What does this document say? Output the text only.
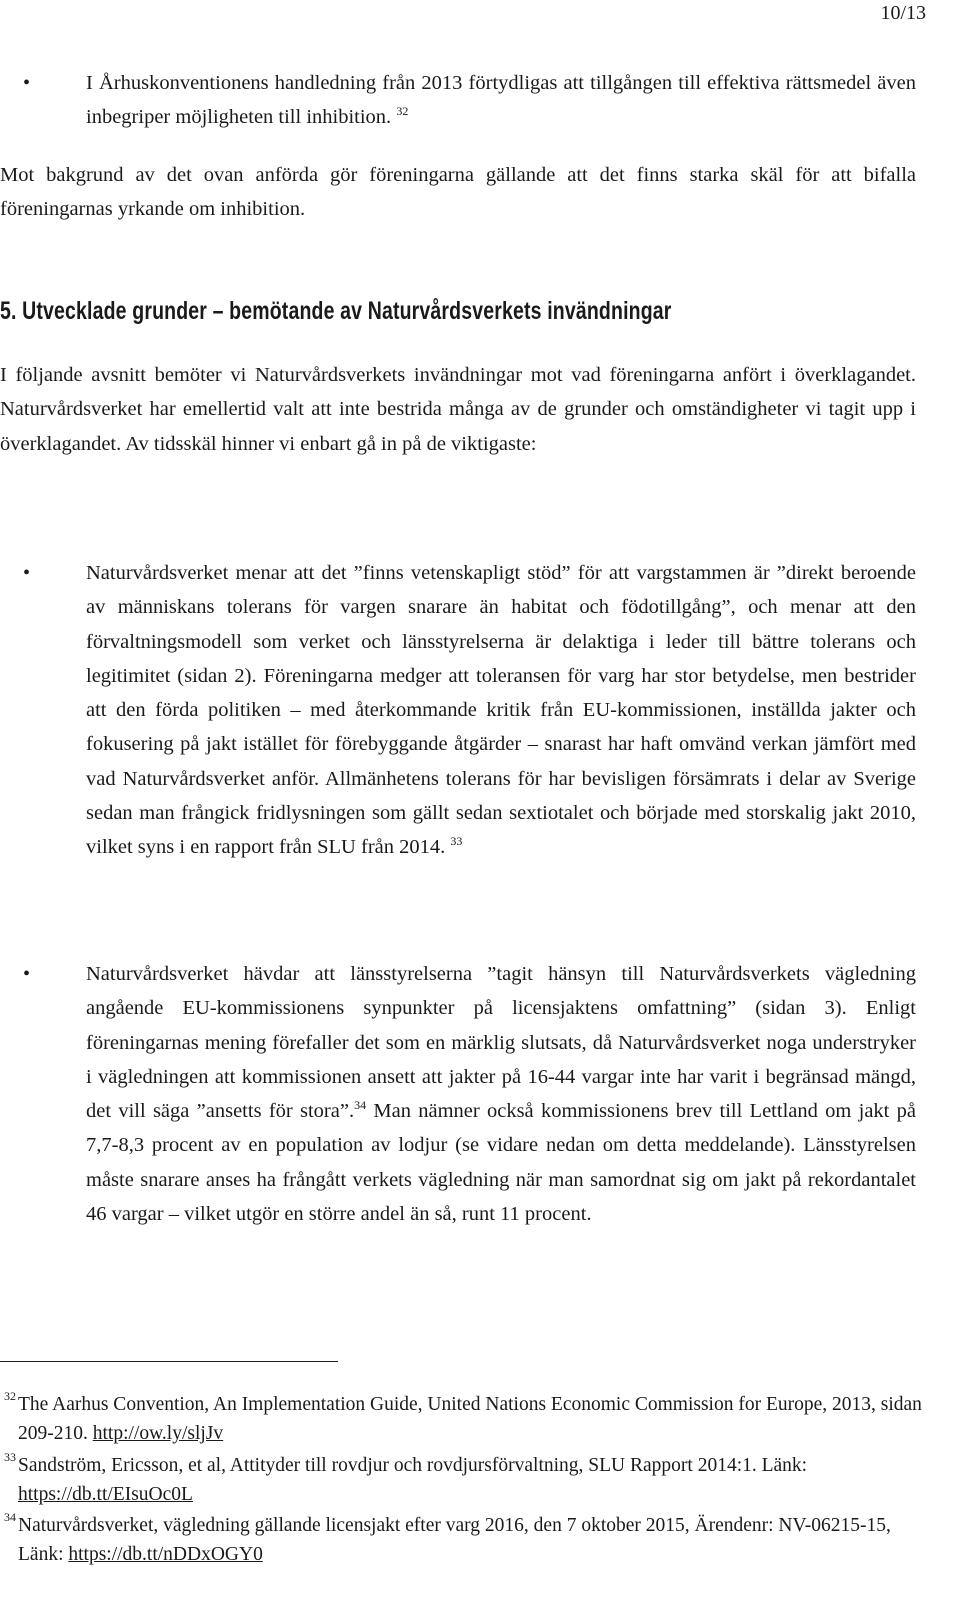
10/13
•	I Århuskonventionens handledning från 2013 förtydligas att tillgången till effektiva rättsmedel även inbegriper möjligheten till inhibition. $^{32}$

Mot bakgrund av det ovan anförda gör föreningarna gällande att det finns starka skäl för att bifalla föreningarnas yrkande om inhibition.

5. Utvecklade grunder – bemötande av Naturvårdsverkets invändningar

I följande avsnitt bemöter vi Naturvårdsverkets invändningar mot vad föreningarna anfört i överklagandet. Naturvårdsverket har emellertid valt att inte bestrida många av de grunder och omständigheter vi tagit upp i överklagandet. Av tidsskäl hinner vi enbart gå in på de viktigaste:

•	Naturvårdsverket menar att det ”finns vetenskapligt stöd” för att vargstammen är ”direkt beroende av människans tolerans för vargen snarare än habitat och födotillgång”, och menar att den förvaltningsmodell som verket och länsstyrelserna är delaktiga i leder till bättre tolerans och legitimitet (sidan 2). Föreningarna medger att toleransen för varg har stor betydelse, men bestrider att den förda politiken – med återkommande kritik från EU-kommissionen, inställda jakter och fokusering på jakt istället för förebyggande åtgärder – snarast har haft omvänd verkan jämfört med vad Naturvårdsverket anför. Allmänhetens tolerans för har bevisligen försämrats i delar av Sverige sedan man frångick fridlysningen som gällt sedan sextiotalet och började med storskalig jakt 2010, vilket syns i en rapport från SLU från 2014. $^{33}$
•	Naturvårdsverket hävdar att länsstyrelserna ”tagit hänsyn till Naturvårdsverkets vägledning angående EU-kommissionens synpunkter på licensjaktens omfattning” (sidan 3). Enligt föreningarnas mening förefaller det som en märklig slutsats, då Naturvårdsverket noga understryker i vägledningen att kommissionen ansett att jakter på 16-44 vargar inte har varit i begränsad mängd, det vill säga ”ansetts för stora”.$^{34}$ Man nämner också kommissionens brev till Lettland om jakt på 7,7-8,3 procent av en population av lodjur (se vidare nedan om detta meddelande). Länsstyrelsen måste snarare anses ha frångått verkets vägledning när man samordnat sig om jakt på rekordantalet 46 vargar – vilket utgör en större andel än så, runt 11 procent.

32 The Aarhus Convention, An Implementation Guide, United Nations Economic Commission for Europe, 2013, sidan 209-210. http://ow.ly/sljJv

33 Sandström, Ericsson, et al, Attityder till rovdjur och rovdjursförvaltning, SLU Rapport 2014:1. Länk: https://db.tt/EIsuOc0L

34 Naturvårdsverket, vägledning gällande licensjakt efter varg 2016, den 7 oktober 2015, Ärendenr: NV-06215-15, Länk: https://db.tt/nDDxOGY0
